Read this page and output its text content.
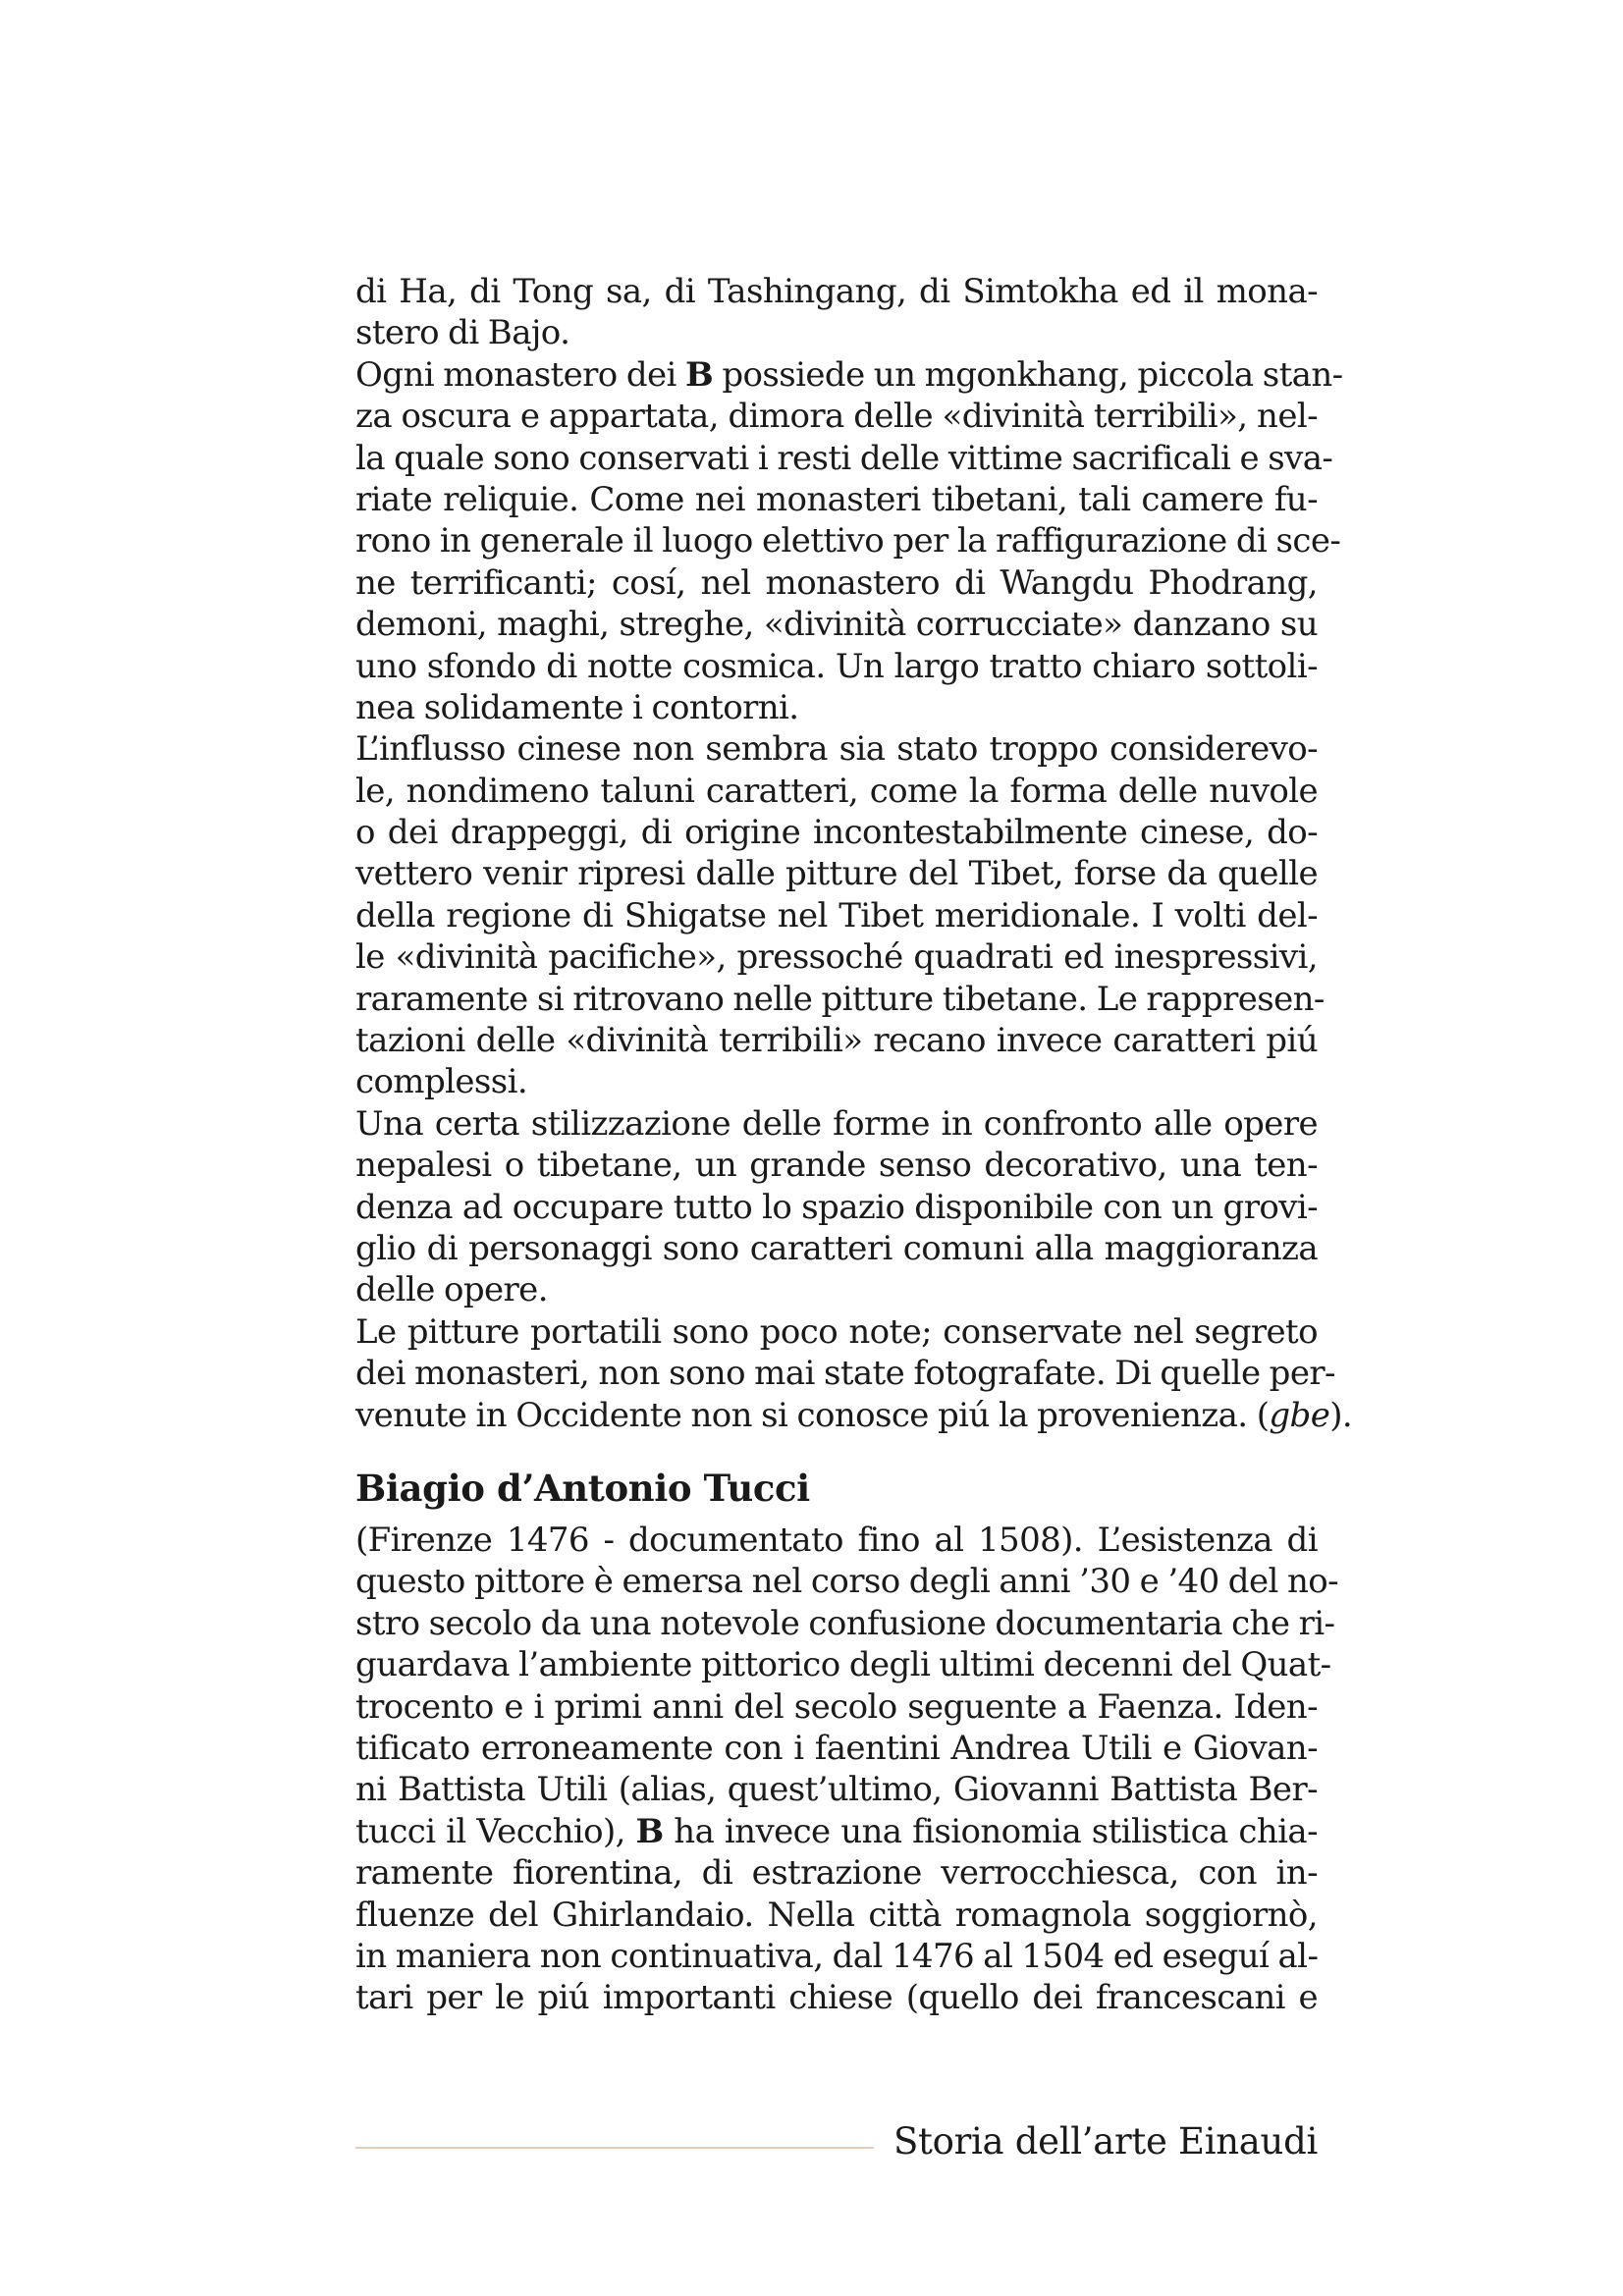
di Ha, di Tong sa, di Tashingang, di Simtokha ed il mona-
stero di Bajo.
Ogni monastero dei B possiede un mgonkhang, piccola stan-
za oscura e appartata, dimora delle «divinità terribili», nel-
la quale sono conservati i resti delle vittime sacrificali e sva-
riate reliquie. Come nei monasteri tibetani, tali camere fu-
rono in generale il luogo elettivo per la raffigurazione di sce-
ne terrificanti; cosí, nel monastero di Wangdu Phodrang,
demoni, maghi, streghe, «divinità corrucciate» danzano su
uno sfondo di notte cosmica. Un largo tratto chiaro sottoli-
nea solidamente i contorni.
L’influsso cinese non sembra sia stato troppo considerevo-
le, nondimeno taluni caratteri, come la forma delle nuvole
o dei drappeggi, di origine incontestabilmente cinese, do-
vettero venir ripresi dalle pitture del Tibet, forse da quelle
della regione di Shigatse nel Tibet meridionale. I volti del-
le «divinità pacifiche», pressoché quadrati ed inespressivi,
raramente si ritrovano nelle pitture tibetane. Le rappresen-
tazioni delle «divinità terribili» recano invece caratteri piú
complessi.
Una certa stilizzazione delle forme in confronto alle opere
nepalesi o tibetane, un grande senso decorativo, una ten-
denza ad occupare tutto lo spazio disponibile con un grovi-
glio di personaggi sono caratteri comuni alla maggioranza
delle opere.
Le pitture portatili sono poco note; conservate nel segreto
dei monasteri, non sono mai state fotografate. Di quelle per-
venute in Occidente non si conosce piú la provenienza. (gbe).
Biagio d’Antonio Tucci
(Firenze 1476 - documentato fino al 1508). L’esistenza di
questo pittore è emersa nel corso degli anni ’30 e ’40 del no-
stro secolo da una notevole confusione documentaria che ri-
guardava l’ambiente pittorico degli ultimi decenni del Quat-
trocento e i primi anni del secolo seguente a Faenza. Iden-
tificato erroneamente con i faentini Andrea Utili e Giovan-
ni Battista Utili (alias, quest’ultimo, Giovanni Battista Ber-
tucci il Vecchio), B ha invece una fisionomia stilistica chia-
ramente fiorentina, di estrazione verrocchiesca, con in-
fluenze del Ghirlandaio. Nella città romagnola soggiornò,
in maniera non continuativa, dal 1476 al 1504 ed eseguí al-
tari per le piú importanti chiese (quello dei francescani e
Storia dell’arte Einaudi
